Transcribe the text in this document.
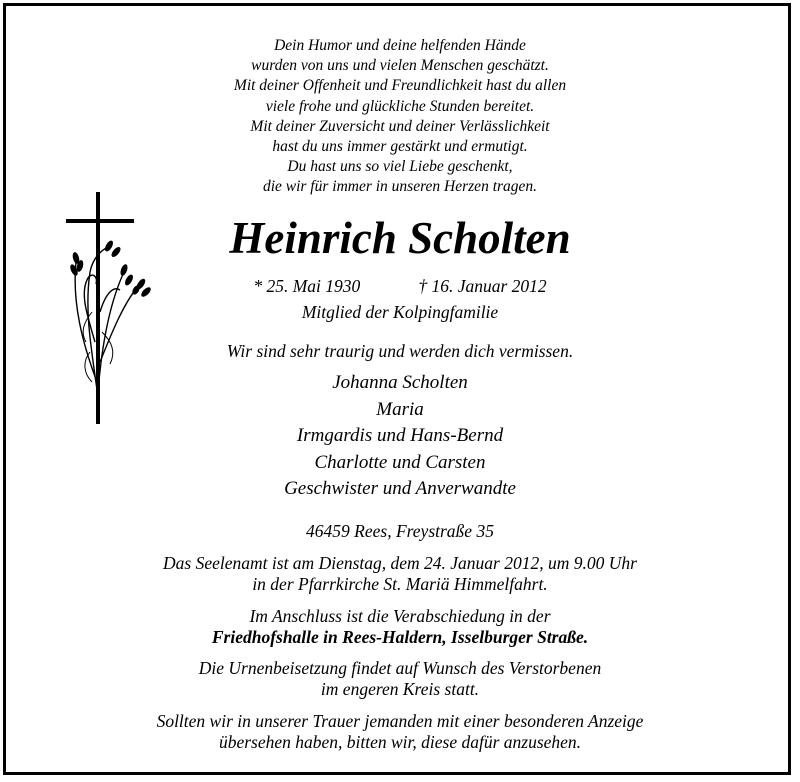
Dein Humor und deine helfenden Hände
wurden von uns und vielen Menschen geschätzt.
Mit deiner Offenheit und Freundlichkeit hast du allen
viele frohe und glückliche Stunden bereitet.
Mit deiner Zuversicht und deiner Verlässlichkeit
hast du uns immer gestärkt und ermutigt.
Du hast uns so viel Liebe geschenkt,
die wir für immer in unseren Herzen tragen.
Heinrich Scholten
* 25. Mai 1930	† 16. Januar 2012
Mitglied der Kolpingfamilie
Wir sind sehr traurig und werden dich vermissen.
Johanna Scholten
Maria
Irmgardis und Hans-Bernd
Charlotte und Carsten
Geschwister und Anverwandte
46459 Rees, Freystraße 35
Das Seelenamt ist am Dienstag, dem 24. Januar 2012, um 9.00 Uhr
in der Pfarrkirche St. Mariä Himmelfahrt.
Im Anschluss ist die Verabschiedung in der
Friedhofshalle in Rees-Haldern, Isselburger Straße.
Die Urnenbeisetzung findet auf Wunsch des Verstorbenen
im engeren Kreis statt.
Sollten wir in unserer Trauer jemanden mit einer besonderen Anzeige
übersehen haben, bitten wir, diese dafür anzusehen.
